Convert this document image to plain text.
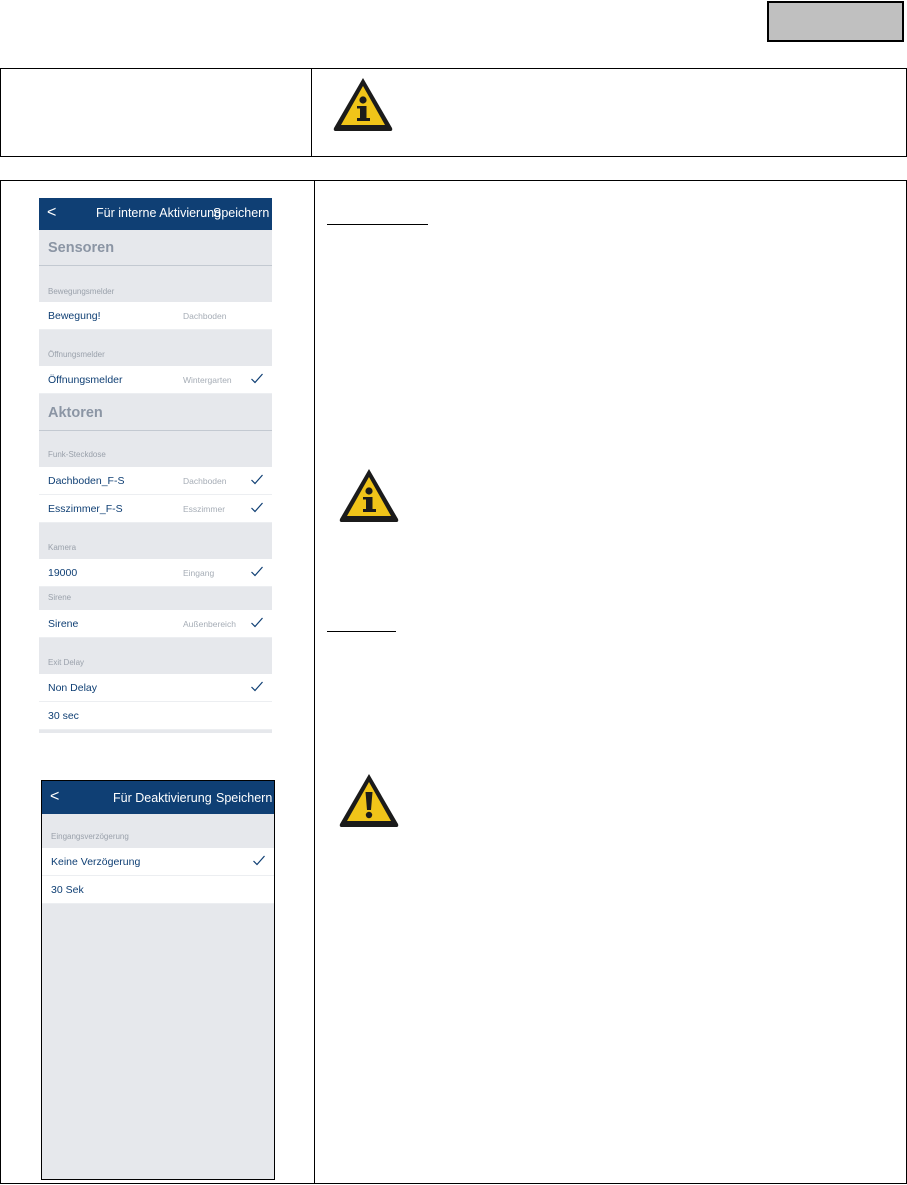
<	Für interne Aktivierung
Speichern
Sensoren
Bewegungsmelder
Bewegung!	Dachboden
Öffnungsmelder
Öffnungsmelder	Wintergarten
Aktoren
Funk-Steckdose
Dachboden_F-S	Dachboden
Esszimmer_F-S	Esszimmer
Kamera
19000	Eingang
Sirene
Sirene	Außenbereich
Exit Delay
Non Delay
30 sec
<	Für Deaktivierung Speichern
Eingangsverzögerung
Keine Verzögerung
30 Sek
